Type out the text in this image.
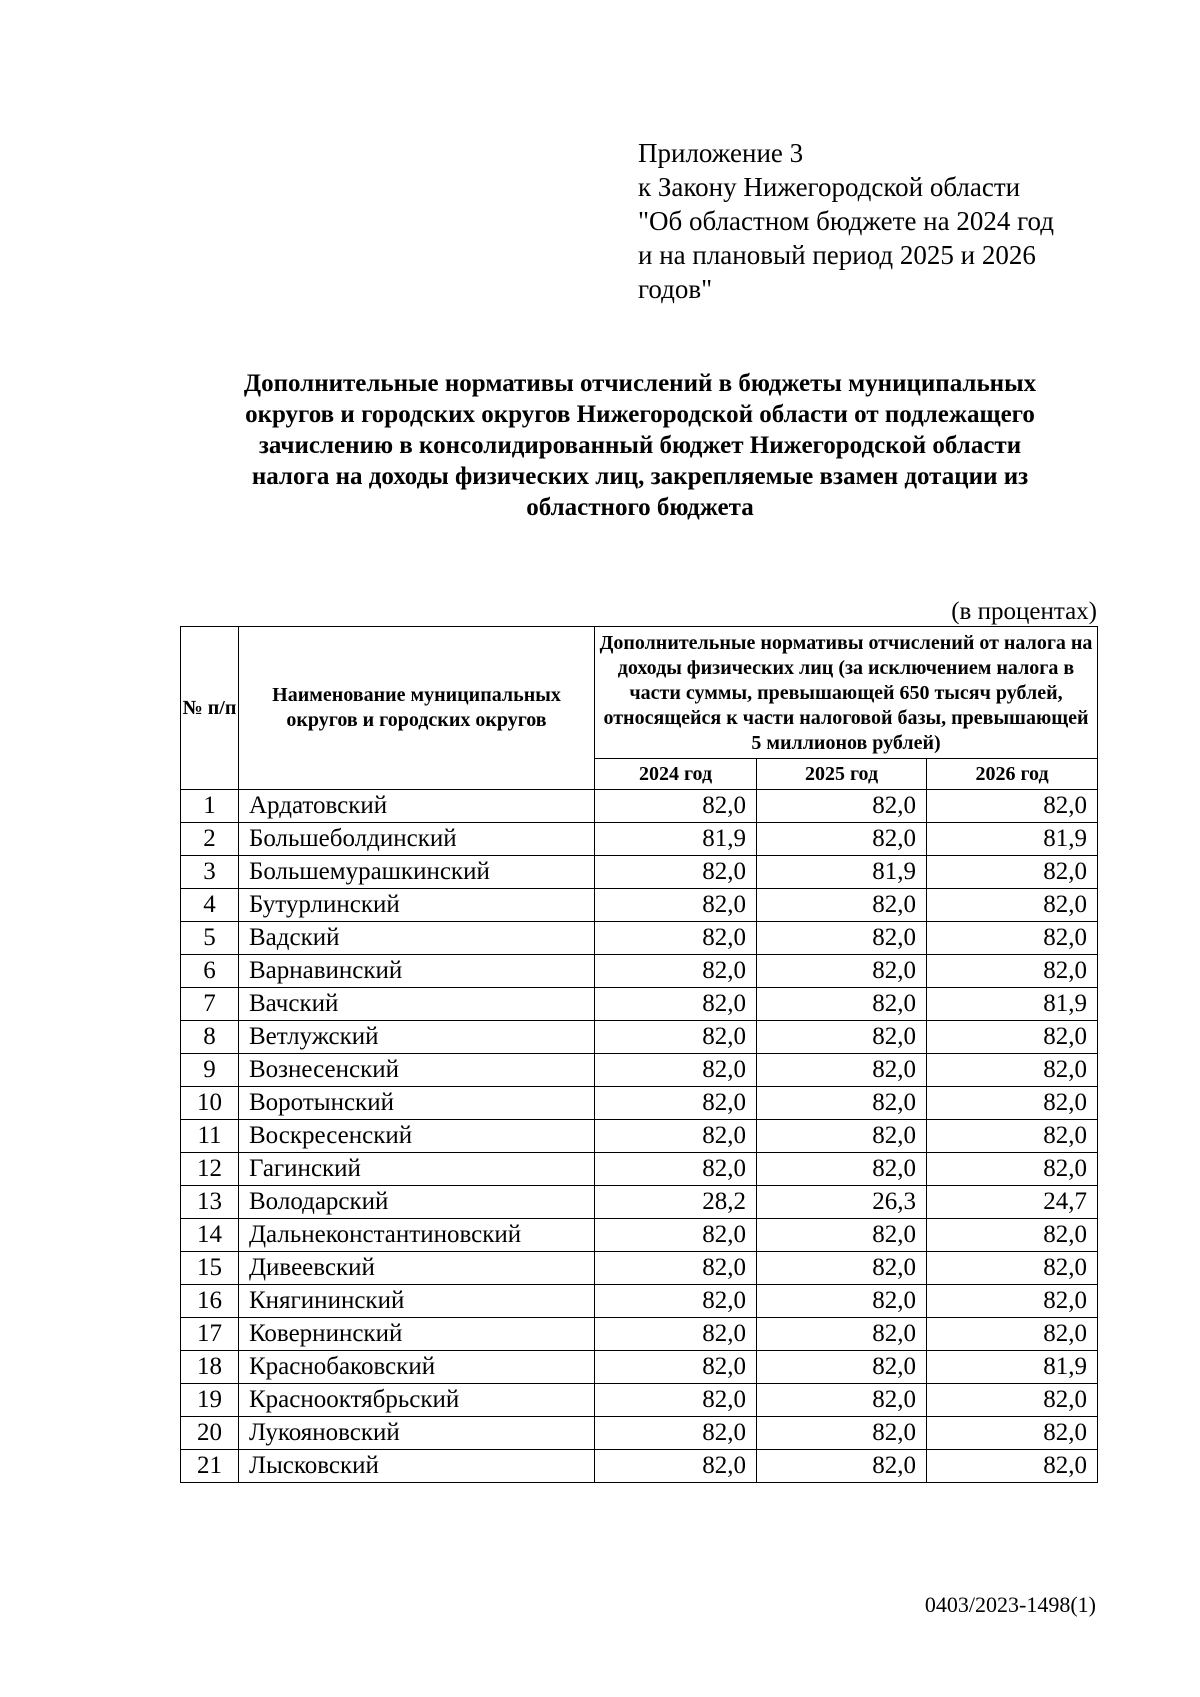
Приложение 3
к Закону Нижегородской области
"Об областном бюджете на 2024 год
и на плановый период 2025 и 2026
годов"
Дополнительные нормативы отчислений в бюджеты муниципальных
округов и городских округов Нижегородской области от подлежащего
зачислению в консолидированный бюджет Нижегородской области
налога на доходы физических лиц, закрепляемые взамен дотации из
областного бюджета
(в процентах)
№ п/п	Наименование муниципальных округов и городских округов	Дополнительные нормативы отчислений от налога на доходы физических лиц (за исключением налога в части суммы, превышающей 650 тысяч рублей, относящейся к части налоговой базы, превышающей 5 миллионов рублей)		
		2024 год	2025 год	2026 год
1	Ардатовский	82,0	82,0	82,0
2	Большеболдинский	81,9	82,0	81,9
3	Большемурашкинский	82,0	81,9	82,0
4	Бутурлинский	82,0	82,0	82,0
5	Вадский	82,0	82,0	82,0
6	Варнавинский	82,0	82,0	82,0
7	Вачский	82,0	82,0	81,9
8	Ветлужский	82,0	82,0	82,0
9	Вознесенский	82,0	82,0	82,0
10	Воротынский	82,0	82,0	82,0
11	Воскресенский	82,0	82,0	82,0
12	Гагинский	82,0	82,0	82,0
13	Володарский	28,2	26,3	24,7
14	Дальнеконстантиновский	82,0	82,0	82,0
15	Дивеевский	82,0	82,0	82,0
16	Княгининский	82,0	82,0	82,0
17	Ковернинский	82,0	82,0	82,0
18	Краснобаковский	82,0	82,0	81,9
19	Краснооктябрьский	82,0	82,0	82,0
20	Лукояновский	82,0	82,0	82,0
21	Лысковский	82,0	82,0	82,0
0403/2023-1498(1)
